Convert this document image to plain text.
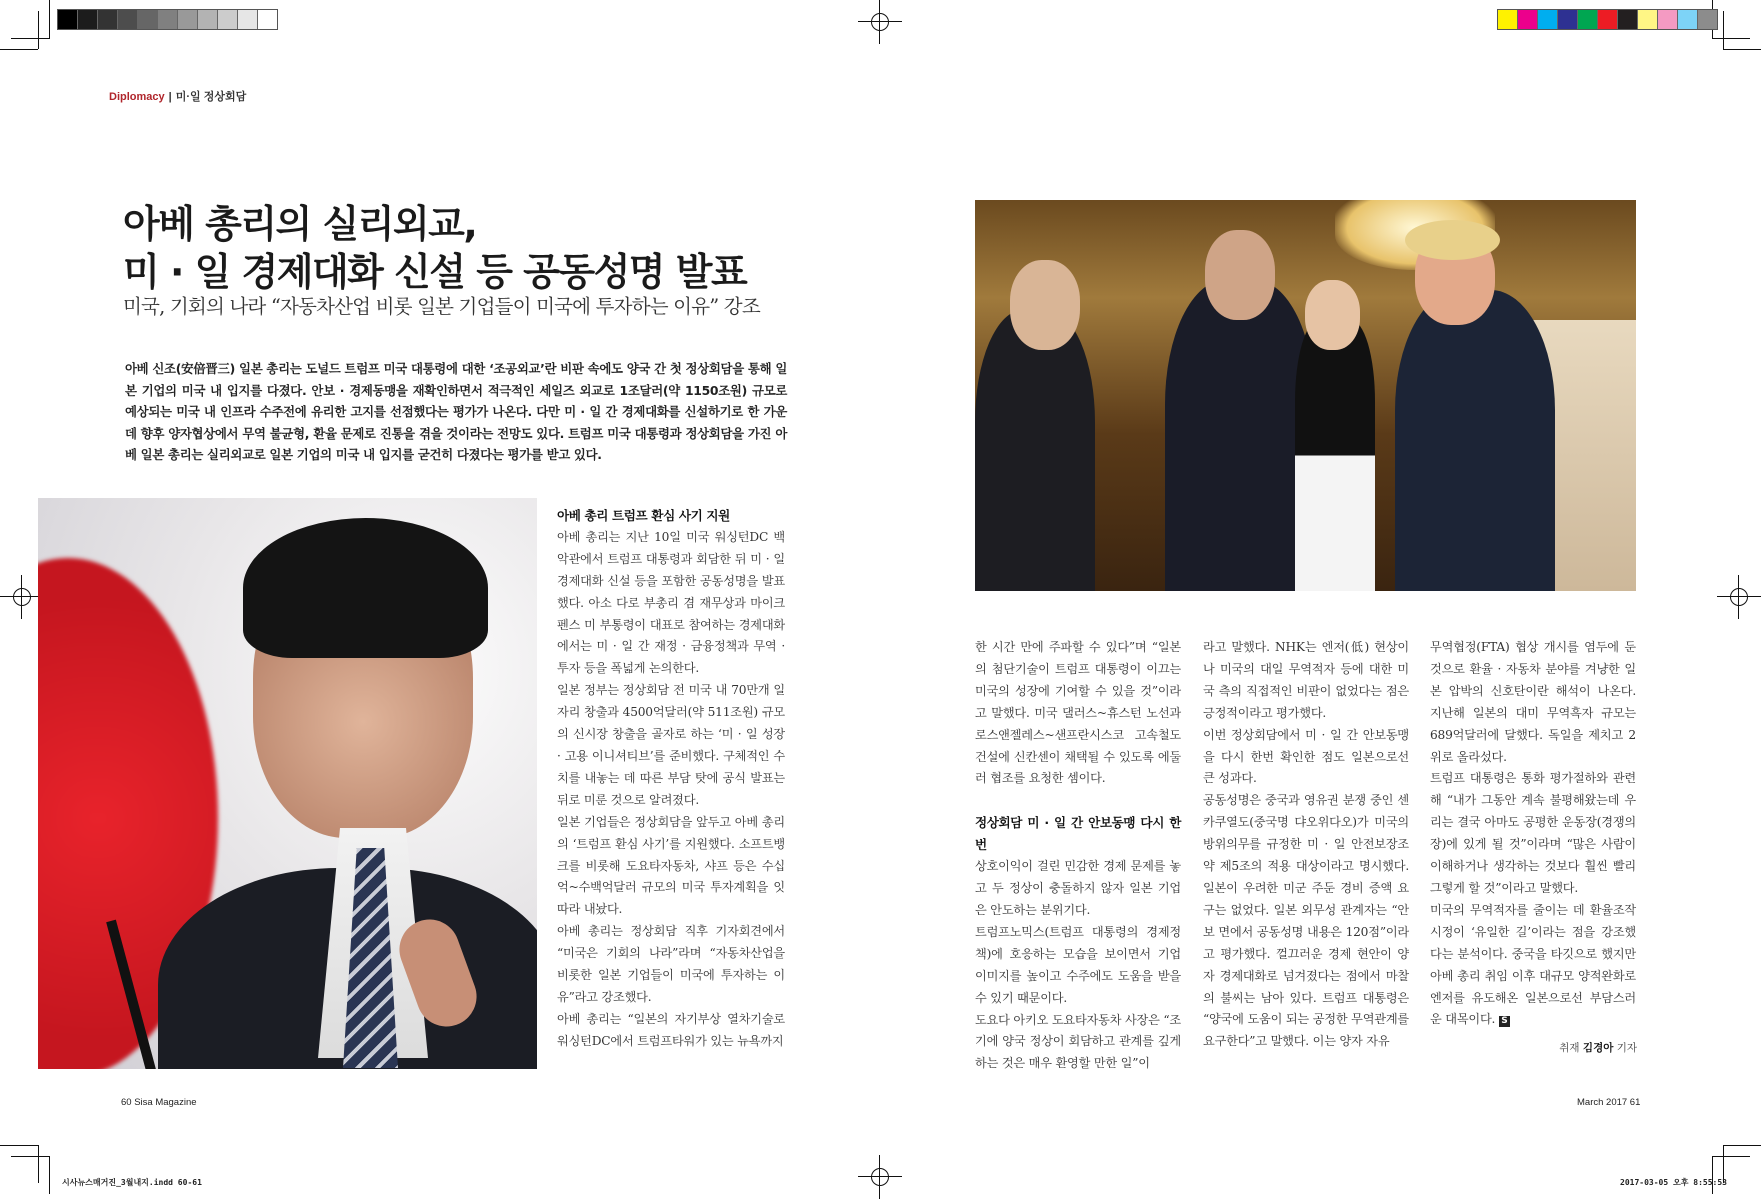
Diplomacy | 미·일 정상회담
아베 총리의 실리외교,
미 · 일 경제대화 신설 등 공동성명 발표
미국, 기회의 나라 “자동차산업 비롯 일본 기업들이 미국에 투자하는 이유” 강조
아베 신조(安倍晋三) 일본 총리는 도널드 트럼프 미국 대통령에 대한 ‘조공외교’란 비판 속에도 양국 간 첫 정상회담을 통해 일본 기업의 미국 내 입지를 다졌다. 안보 · 경제동맹을 재확인하면서 적극적인 세일즈 외교로 1조달러(약 1150조원) 규모로 예상되는 미국 내 인프라 수주전에 유리한 고지를 선점했다는 평가가 나온다. 다만 미 · 일 간 경제대화를 신설하기로 한 가운데 향후 양자협상에서 무역 불균형, 환율 문제로 진통을 겪을 것이라는 전망도 있다. 트럼프 미국 대통령과 정상회담을 가진 아베 일본 총리는 실리외교로 일본 기업의 미국 내 입지를 굳건히 다졌다는 평가를 받고 있다.
아베 총리 트럼프 환심 사기 지원

아베 총리는 지난 10일 미국 워싱턴DC 백악관에서 트럼프 대통령과 회담한 뒤 미 · 일 경제대화 신설 등을 포함한 공동성명을 발표했다. 아소 다로 부총리 겸 재무상과 마이크 펜스 미 부통령이 대표로 참여하는 경제대화에서는 미 · 일 간 재정 · 금융정책과 무역 · 투자 등을 폭넓게 논의한다.

일본 정부는 정상회담 전 미국 내 70만개 일자리 창출과 4500억달러(약 511조원) 규모의 신시장 창출을 골자로 하는 ‘미 · 일 성장 · 고용 이니셔티브’를 준비했다. 구체적인 수치를 내놓는 데 따른 부담 탓에 공식 발표는 뒤로 미룬 것으로 알려졌다.

일본 기업들은 정상회담을 앞두고 아베 총리의 ‘트럼프 환심 사기’를 지원했다. 소프트뱅크를 비롯해 도요타자동차, 샤프 등은 수십억~수백억달러 규모의 미국 투자계획을 잇따라 내놨다.

아베 총리는 정상회담 직후 기자회견에서 “미국은 기회의 나라”라며 “자동차산업을 비롯한 일본 기업들이 미국에 투자하는 이유”라고 강조했다.

아베 총리는 “일본의 자기부상 열차기술로 워싱턴DC에서 트럼프타워가 있는 뉴욕까지

한 시간 만에 주파할 수 있다”며 “일본의 첨단기술이 트럼프 대통령이 이끄는 미국의 성장에 기여할 수 있을 것”이라고 말했다. 미국 댈러스~휴스턴 노선과 로스앤젤레스~샌프란시스코 고속철도 건설에 신칸센이 채택될 수 있도록 에둘러 협조를 요청한 셈이다.

정상회담 미 · 일 간 안보동맹 다시 한번

상호이익이 걸린 민감한 경제 문제를 놓고 두 정상이 충돌하지 않자 일본 기업은 안도하는 분위기다.

트럼프노믹스(트럼프 대통령의 경제정책)에 호응하는 모습을 보이면서 기업 이미지를 높이고 수주에도 도움을 받을 수 있기 때문이다.

도요다 아키오 도요타자동차 사장은 “조기에 양국 정상이 회담하고 관계를 깊게 하는 것은 매우 환영할 만한 일”이

라고 말했다. NHK는 엔저(低) 현상이나 미국의 대일 무역적자 등에 대한 미국 측의 직접적인 비판이 없었다는 점은 긍정적이라고 평가했다.

이번 정상회담에서 미 · 일 간 안보동맹을 다시 한번 확인한 점도 일본으로선 큰 성과다.

공동성명은 중국과 영유권 분쟁 중인 센카쿠열도(중국명 댜오위다오)가 미국의 방위의무를 규정한 미 · 일 안전보장조약 제5조의 적용 대상이라고 명시했다. 일본이 우려한 미군 주둔 경비 증액 요구는 없었다. 일본 외무성 관계자는 “안보 면에서 공동성명 내용은 120점”이라고 평가했다. 껄끄러운 경제 현안이 양자 경제대화로 넘겨졌다는 점에서 마찰의 불씨는 남아 있다. 트럼프 대통령은 “양국에 도움이 되는 공정한 무역관계를 요구한다”고 말했다. 이는 양자 자유

무역협정(FTA) 협상 개시를 염두에 둔 것으로 환율 · 자동차 분야를 겨냥한 일본 압박의 신호탄이란 해석이 나온다. 지난해 일본의 대미 무역흑자 규모는 689억달러에 달했다. 독일을 제치고 2위로 올라섰다.

트럼프 대통령은 통화 평가절하와 관련해 “내가 그동안 계속 불평해왔는데 우리는 결국 아마도 공평한 운동장(경쟁의 장)에 있게 될 것”이라며 “많은 사람이 이해하거나 생각하는 것보다 훨씬 빨리 그렇게 할 것”이라고 말했다.

미국의 무역적자를 줄이는 데 환율조작 시정이 ‘유일한 길’이라는 점을 강조했다는 분석이다. 중국을 타깃으로 했지만 아베 총리 취임 이후 대규모 양적완화로 엔저를 유도해온 일본으로선 부담스러운 대목이다. S

취재 김경아 기자
60 Sisa Magazine	March 2017 61
시사뉴스매거진_3월내지.indd 60-61	2017-03-05 오후 8:55:53
